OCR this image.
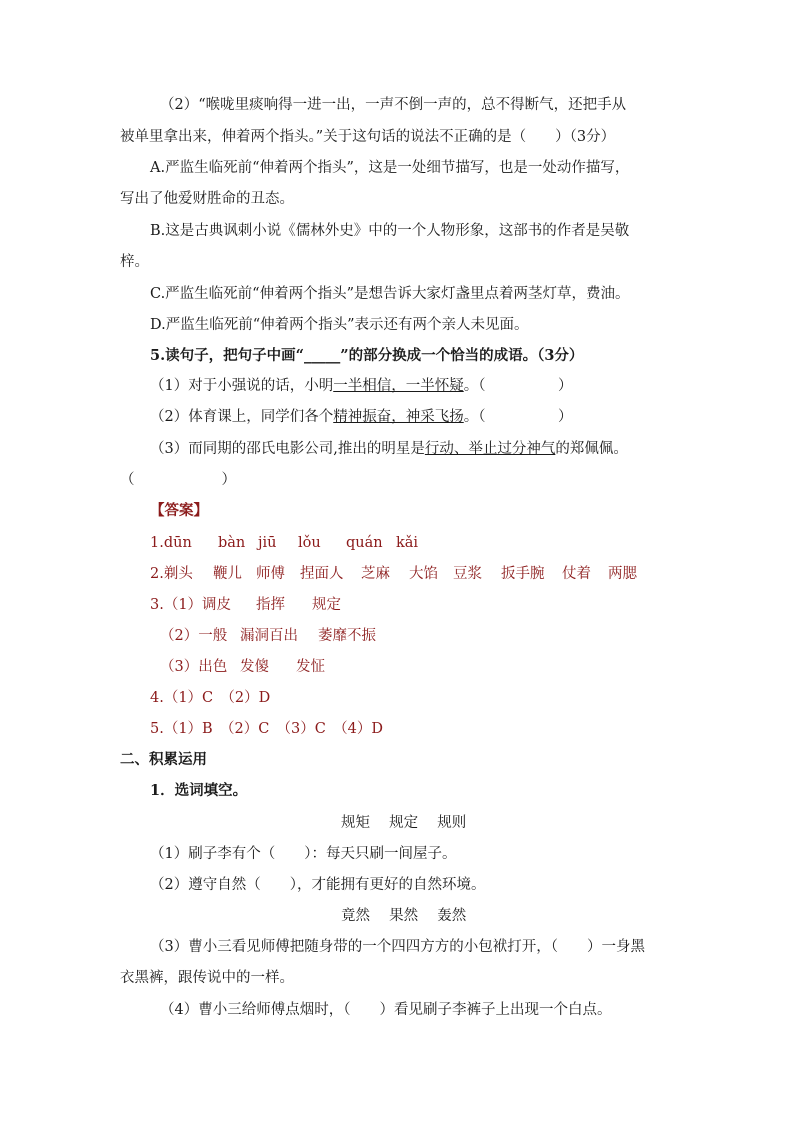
（2）“喉咙里痰响得一进一出，一声不倒一声的，总不得断气，还把手从
被单里拿出来，伸着两个指头。”关于这句话的说法不正确的是（　　）（3分）
A.严监生临死前“伸着两个指头”，这是一处细节描写，也是一处动作描写，
写出了他爱财胜命的丑态。
B.这是古典讽刺小说《儒林外史》中的一个人物形象，这部书的作者是吴敬
梓。
C.严监生临死前“伸着两个指头”是想告诉大家灯盏里点着两茎灯草，费油。
D.严监生临死前“伸着两个指头”表示还有两个亲人未见面。
5.读句子，把句子中画“_____”的部分换成一个恰当的成语。（3分）
（1）对于小强说的话，小明一半相信，一半怀疑。（　　　　　）
（2）体育课上，同学们各个精神振奋，神采飞扬。（　　　　　）
（3）而同期的邵氏电影公司,推出的明星是行动、举止过分神气的郑佩佩。
（　　　　　　）
【答案】
1.dūn bàn jiū lǒu quán kǎi
2.剃头 鞭儿 师傅 捏面人 芝麻 大馅 豆浆 扳手腕 仗着 两腮
3.（1）调皮 指挥 规定
（2）一般 漏洞百出 萎靡不振
（3）出色 发傻 发怔
4.（1）C　（2）D
5.（1）B　（2）C　（3）C　（4）D
二、积累运用
1．选词填空。
规矩　 规定　 规则
（1）刷子李有个（　　）：每天只刷一间屋子。
（2）遵守自然（　　），才能拥有更好的自然环境。
竟然　 果然　 轰然
（3）曹小三看见师傅把随身带的一个四四方方的小包袱打开，（　　）一身黑
衣黑裤，跟传说中的一样。
（4）曹小三给师傅点烟时，（　　）看见刷子李裤子上出现一个白点。
